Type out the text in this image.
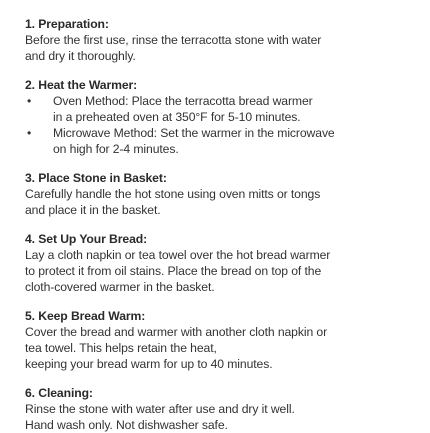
1. Preparation:
Before the first use, rinse the terracotta stone with water
and dry it thoroughly.
2. Heat the Warmer:
• Oven Method: Place the terracotta bread warmer
in a preheated oven at 350°F for 5-10 minutes.
• Microwave Method: Set the warmer in the microwave
on high for 2-4 minutes.
3. Place Stone in Basket:
Carefully handle the hot stone using oven mitts or tongs
and place it in the basket.
4. Set Up Your Bread:
Lay a cloth napkin or tea towel over the hot bread warmer
to protect it from oil stains. Place the bread on top of the
cloth-covered warmer in the basket.
5. Keep Bread Warm:
Cover the bread and warmer with another cloth napkin or
tea towel. This helps retain the heat,
keeping your bread warm for up to 40 minutes.
6. Cleaning:
Rinse the stone with water after use and dry it well.
Hand wash only. Not dishwasher safe.
